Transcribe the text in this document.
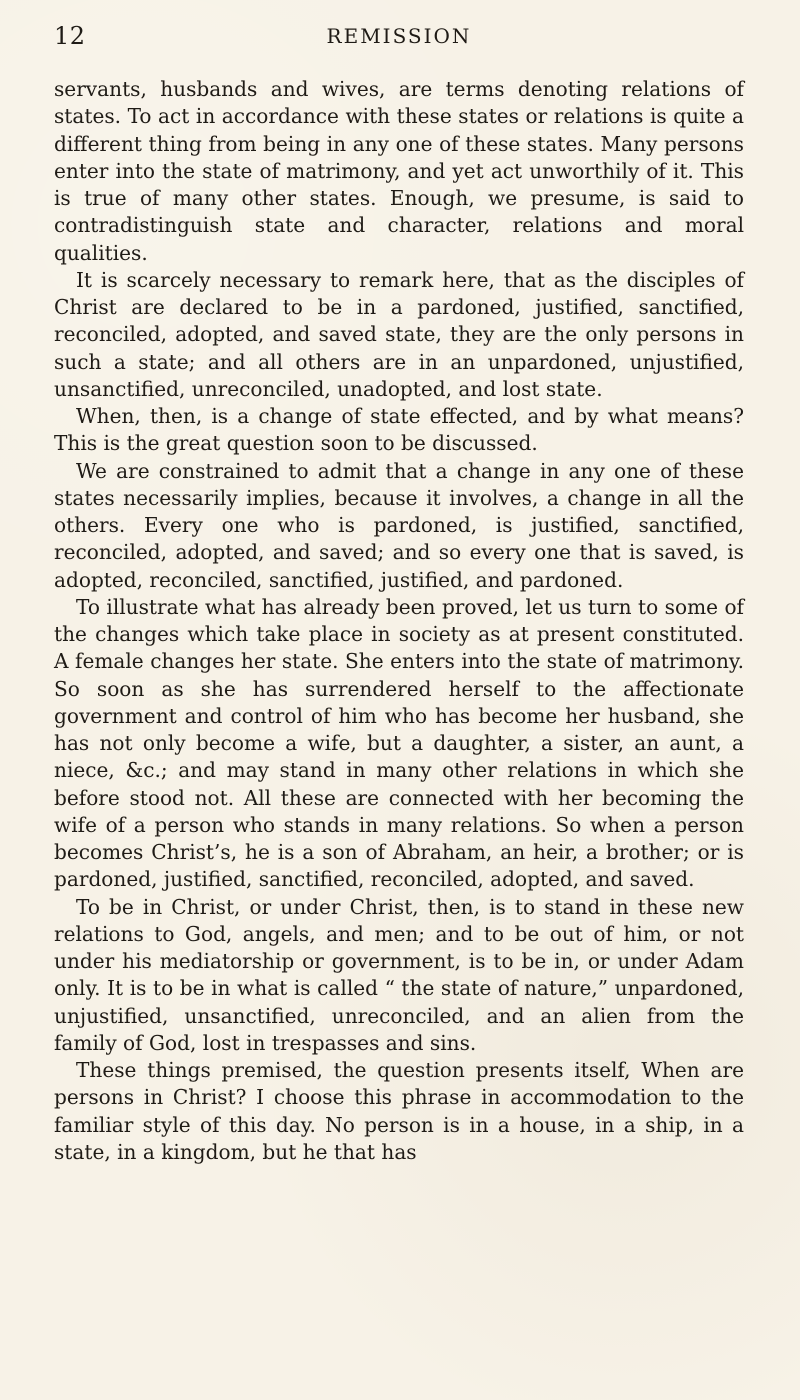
12	REMISSION

servants, husbands and wives, are terms denoting relations of states. To act in accordance with these states or relations is quite a different thing from being in any one of these states. Many persons enter into the state of matrimony, and yet act unworthily of it. This is true of many other states. Enough, we presume, is said to contradistinguish state and character, relations and moral qualities.

It is scarcely necessary to remark here, that as the disciples of Christ are declared to be in a pardoned, justified, sanctified, reconciled, adopted, and saved state, they are the only persons in such a state; and all others are in an unpardoned, unjustified, unsanctified, unreconciled, unadopted, and lost state.

When, then, is a change of state effected, and by what means? This is the great question soon to be discussed.

We are constrained to admit that a change in any one of these states necessarily implies, because it involves, a change in all the others. Every one who is pardoned, is justified, sanctified, reconciled, adopted, and saved; and so every one that is saved, is adopted, reconciled, sanctified, justified, and pardoned.

To illustrate what has already been proved, let us turn to some of the changes which take place in society as at present constituted. A female changes her state. She enters into the state of matrimony. So soon as she has surrendered herself to the affectionate government and control of him who has become her husband, she has not only become a wife, but a daughter, a sister, an aunt, a niece, &c.; and may stand in many other relations in which she before stood not. All these are connected with her becoming the wife of a person who stands in many relations. So when a person becomes Christ’s, he is a son of Abraham, an heir, a brother; or is pardoned, justified, sanctified, reconciled, adopted, and saved.

To be in Christ, or under Christ, then, is to stand in these new relations to God, angels, and men; and to be out of him, or not under his mediatorship or government, is to be in, or under Adam only. It is to be in what is called “ the state of nature,” unpardoned, unjustified, unsanctified, unreconciled, and an alien from the family of God, lost in trespasses and sins.

These things premised, the question presents itself, When are persons in Christ? I choose this phrase in accommodation to the familiar style of this day. No person is in a house, in a ship, in a state, in a kingdom, but he that has
